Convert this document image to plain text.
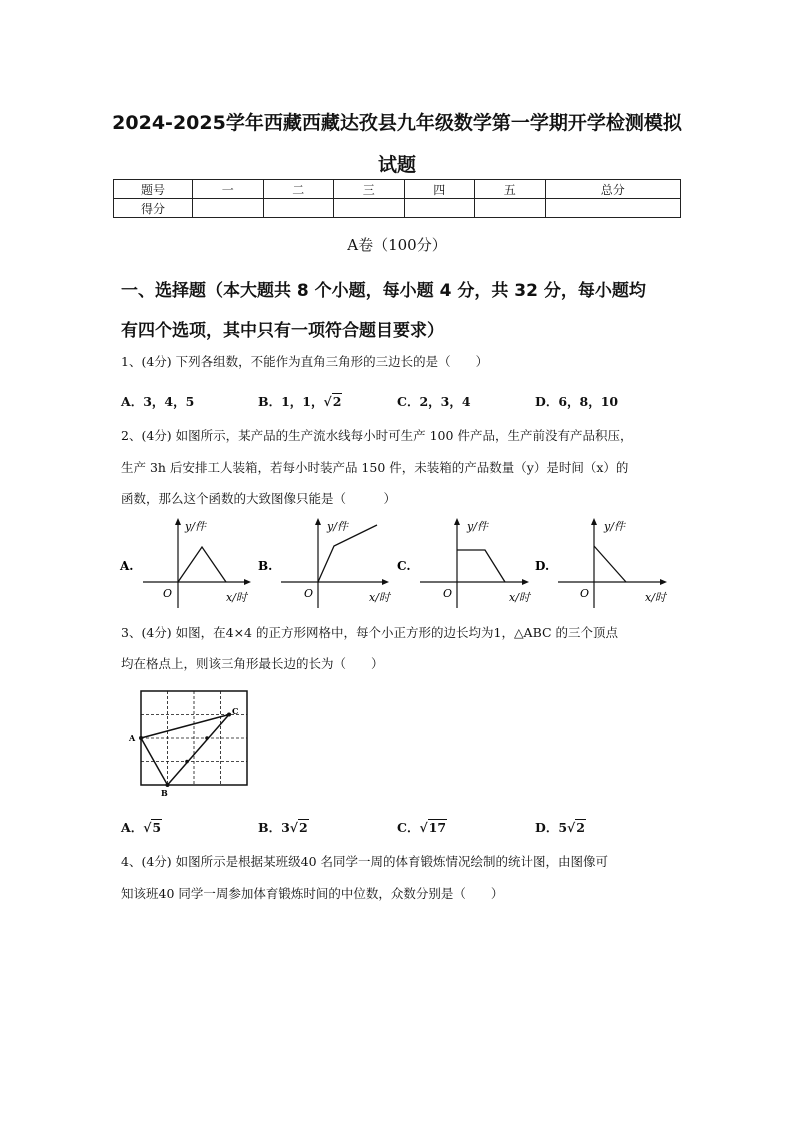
2024-2025学年西藏西藏达孜县九年级数学第一学期开学检测模拟
试题
题号	一	二	三	四	五	总分
得分						
A卷（100分）
一、选择题（本大题共 8 个小题，每小题 4 分，共 32 分，每小题均
有四个选项，其中只有一项符合题目要求）
1、(4分) 下列各组数，不能作为直角三角形的三边长的是（　　）
A．3，4，5	B．1，1，√2	C．2，3，4	D．6，8，10
2、(4分) 如图所示，某产品的生产流水线每小时可生产 100 件产品，生产前没有产品积压，
生产 3h 后安排工人装箱，若每小时装产品 150 件，未装箱的产品数量（y）是时间（x）的
函数，那么这个函数的大致图像只能是（　　　）
A.
y/件
x/时
O
B.
y/件
x/时
O
C.
y/件
x/时
O
D.
y/件
x/时
O
3、(4分) 如图，在4×4 的正方形网格中，每个小正方形的边长均为1，△ABC 的三个顶点
均在格点上，则该三角形最长边的长为（　　）
A
B
C
A．√5	B．3√2	C．√17	D．5√2
4、(4分) 如图所示是根据某班级40 名同学一周的体育锻炼情况绘制的统计图，由图像可
知该班40 同学一周参加体育锻炼时间的中位数，众数分别是（　　）
